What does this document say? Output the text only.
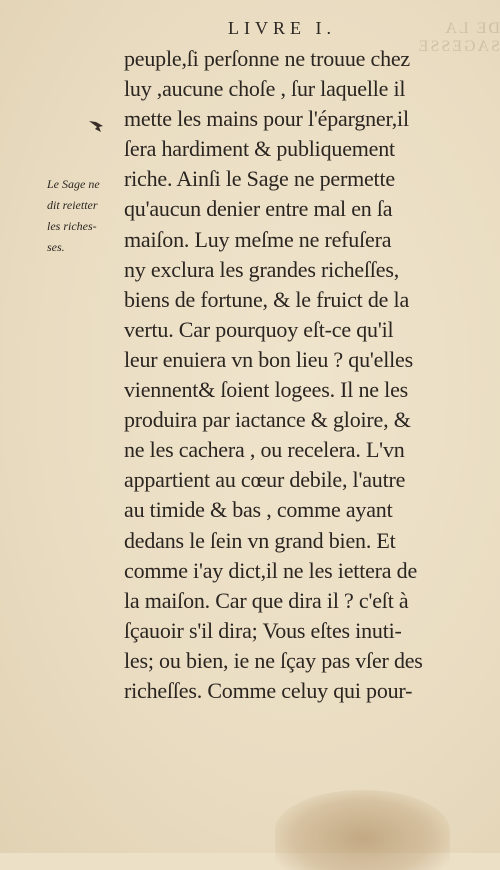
LIVRE I.	DE LA SAGESSE
Le Sage ne
dit reietter
les riches-
ses.
peuple,ſi perſonne ne trouue chez
luy ,aucune choſe , ſur laquelle il
mette les mains pour l'épargner,il
ſera hardiment & publiquement
riche. Ainſi le Sage ne permette
qu'aucun denier entre mal en ſa
maiſon. Luy meſme ne refuſera
ny exclura les grandes richeſſes,
biens de fortune, & le fruict de la
vertu. Car pourquoy eſt-ce qu'il
leur enuiera vn bon lieu ? qu'elles
viennent& ſoient logees. Il ne les
produira par iactance & gloire, &
ne les cachera , ou recelera. L'vn
appartient au cœur debile, l'autre
au timide & bas , comme ayant
dedans le ſein vn grand bien. Et
comme i'ay dict,il ne les iettera de
la maiſon. Car que dira il ? c'eſt à
ſçauoir s'il dira; Vous eſtes inuti-
les; ou bien, ie ne ſçay pas vſer des
richeſſes. Comme celuy qui pour-
